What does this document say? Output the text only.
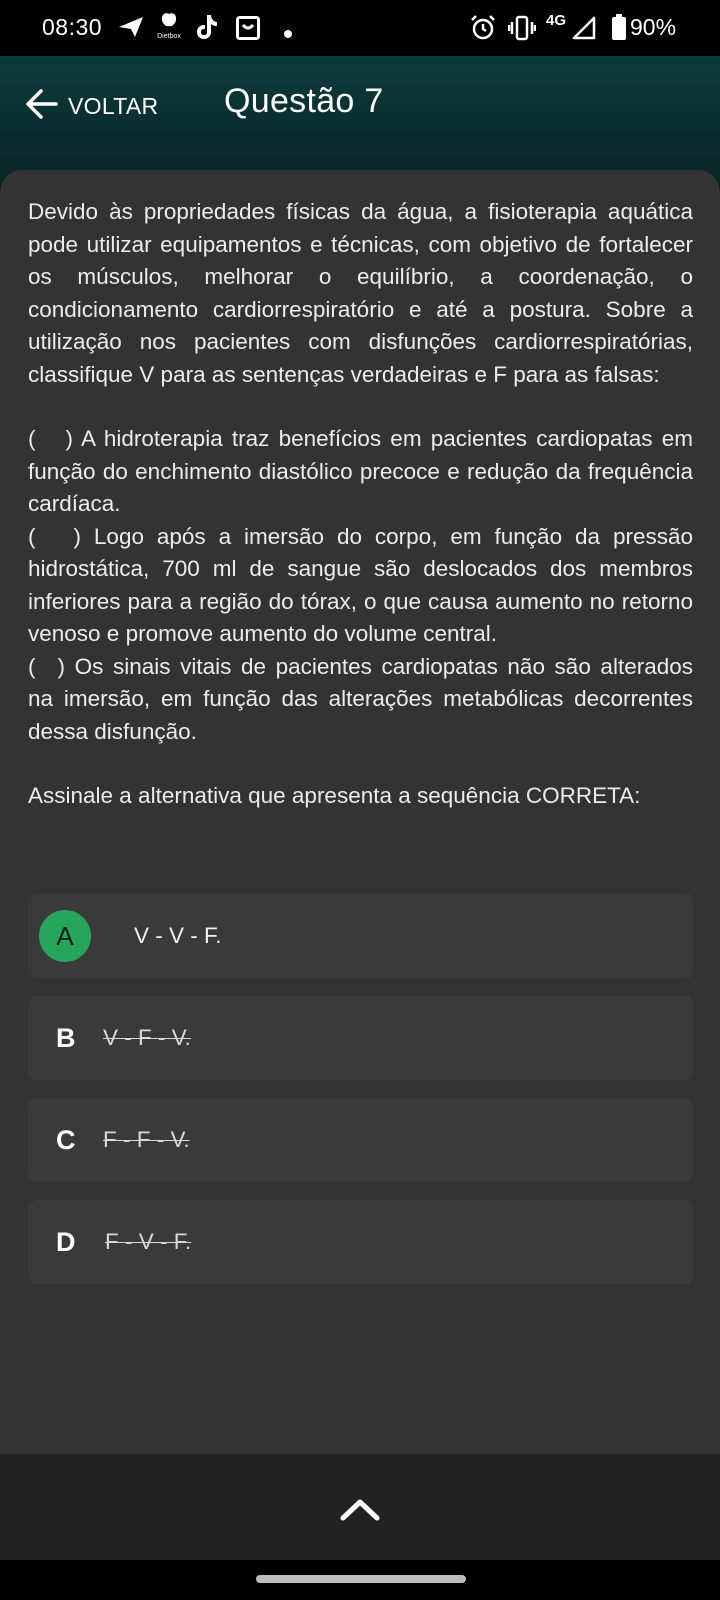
08:30	Dietbox
4G	90%
VOLTAR Questão 7

Devido às propriedades físicas da água, a fisioterapia aquática pode utilizar equipamentos e técnicas, com objetivo de fortalecer os músculos, melhorar o equilíbrio, a coordenação, o condicionamento cardiorrespiratório e até a postura. Sobre a utilização nos pacientes com disfunções cardiorrespiratórias, classifique V para as sentenças verdadeiras e F para as falsas:

( ) A hidroterapia traz benefícios em pacientes cardiopatas em função do enchimento diastólico precoce e redução da frequência cardíaca.

( ) Logo após a imersão do corpo, em função da pressão hidrostática, 700 ml de sangue são deslocados dos membros inferiores para a região do tórax, o que causa aumento no retorno venoso e promove aumento do volume central.

( ) Os sinais vitais de pacientes cardiopatas não são alterados na imersão, em função das alterações metabólicas decorrentes dessa disfunção.

Assinale a alternativa que apresenta a sequência CORRETA:

A	V - V - F.
B V - F - V.
C F - F - V.
D F - V - F.
